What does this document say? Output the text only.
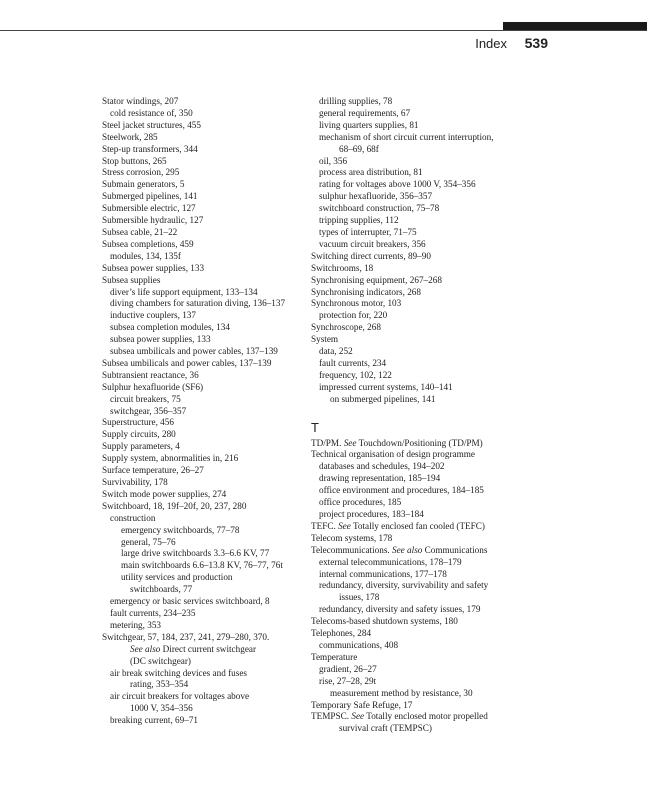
Index 539

Stator windings, 207

cold resistance of, 350

Steel jacket structures, 455

Steelwork, 285

Step-up transformers, 344

Stop buttons, 265

Stress corrosion, 295

Submain generators, 5

Submerged pipelines, 141

Submersible electric, 127

Submersible hydraulic, 127

Subsea cable, 21–22

Subsea completions, 459

modules, 134, 135f

Subsea power supplies, 133

Subsea supplies

diver’s life support equipment, 133–134

diving chambers for saturation diving, 136–137

inductive couplers, 137

subsea completion modules, 134

subsea power supplies, 133

subsea umbilicals and power cables, 137–139

Subsea umbilicals and power cables, 137–139

Subtransient reactance, 36

Sulphur hexafluoride (SF6)

circuit breakers, 75

switchgear, 356–357

Superstructure, 456

Supply circuits, 280

Supply parameters, 4

Supply system, abnormalities in, 216

Surface temperature, 26–27

Survivability, 178

Switch mode power supplies, 274

Switchboard, 18, 19f–20f, 20, 237, 280

construction

emergency switchboards, 77–78

general, 75–76

large drive switchboards 3.3–6.6 KV, 77

main switchboards 6.6–13.8 KV, 76–77, 76t

utility services and production

switchboards, 77

emergency or basic services switchboard, 8

fault currents, 234–235

metering, 353

Switchgear, 57, 184, 237, 241, 279–280, 370.

See also Direct current switchgear

(DC switchgear)

air break switching devices and fuses

rating, 353–354

air circuit breakers for voltages above

1000 V, 354–356

breaking current, 69–71

drilling supplies, 78

general requirements, 67

living quarters supplies, 81

mechanism of short circuit current interruption,

68–69, 68f

oil, 356

process area distribution, 81

rating for voltages above 1000 V, 354–356

sulphur hexafluoride, 356–357

switchboard construction, 75–78

tripping supplies, 112

types of interrupter, 71–75

vacuum circuit breakers, 356

Switching direct currents, 89–90

Switchrooms, 18

Synchronising equipment, 267–268

Synchronising indicators, 268

Synchronous motor, 103

protection for, 220

Synchroscope, 268

System

data, 252

fault currents, 234

frequency, 102, 122

impressed current systems, 140–141

on submerged pipelines, 141

T

TD/PM. See Touchdown/Positioning (TD/PM)

Technical organisation of design programme

databases and schedules, 194–202

drawing representation, 185–194

office environment and procedures, 184–185

office procedures, 185

project procedures, 183–184

TEFC. See Totally enclosed fan cooled (TEFC)

Telecom systems, 178

Telecommunications. See also Communications

external telecommunications, 178–179

internal communications, 177–178

redundancy, diversity, survivability and safety

issues, 178

redundancy, diversity and safety issues, 179

Telecoms-based shutdown systems, 180

Telephones, 284

communications, 408

Temperature

gradient, 26–27

rise, 27–28, 29t

measurement method by resistance, 30

Temporary Safe Refuge, 17

TEMPSC. See Totally enclosed motor propelled

survival craft (TEMPSC)
